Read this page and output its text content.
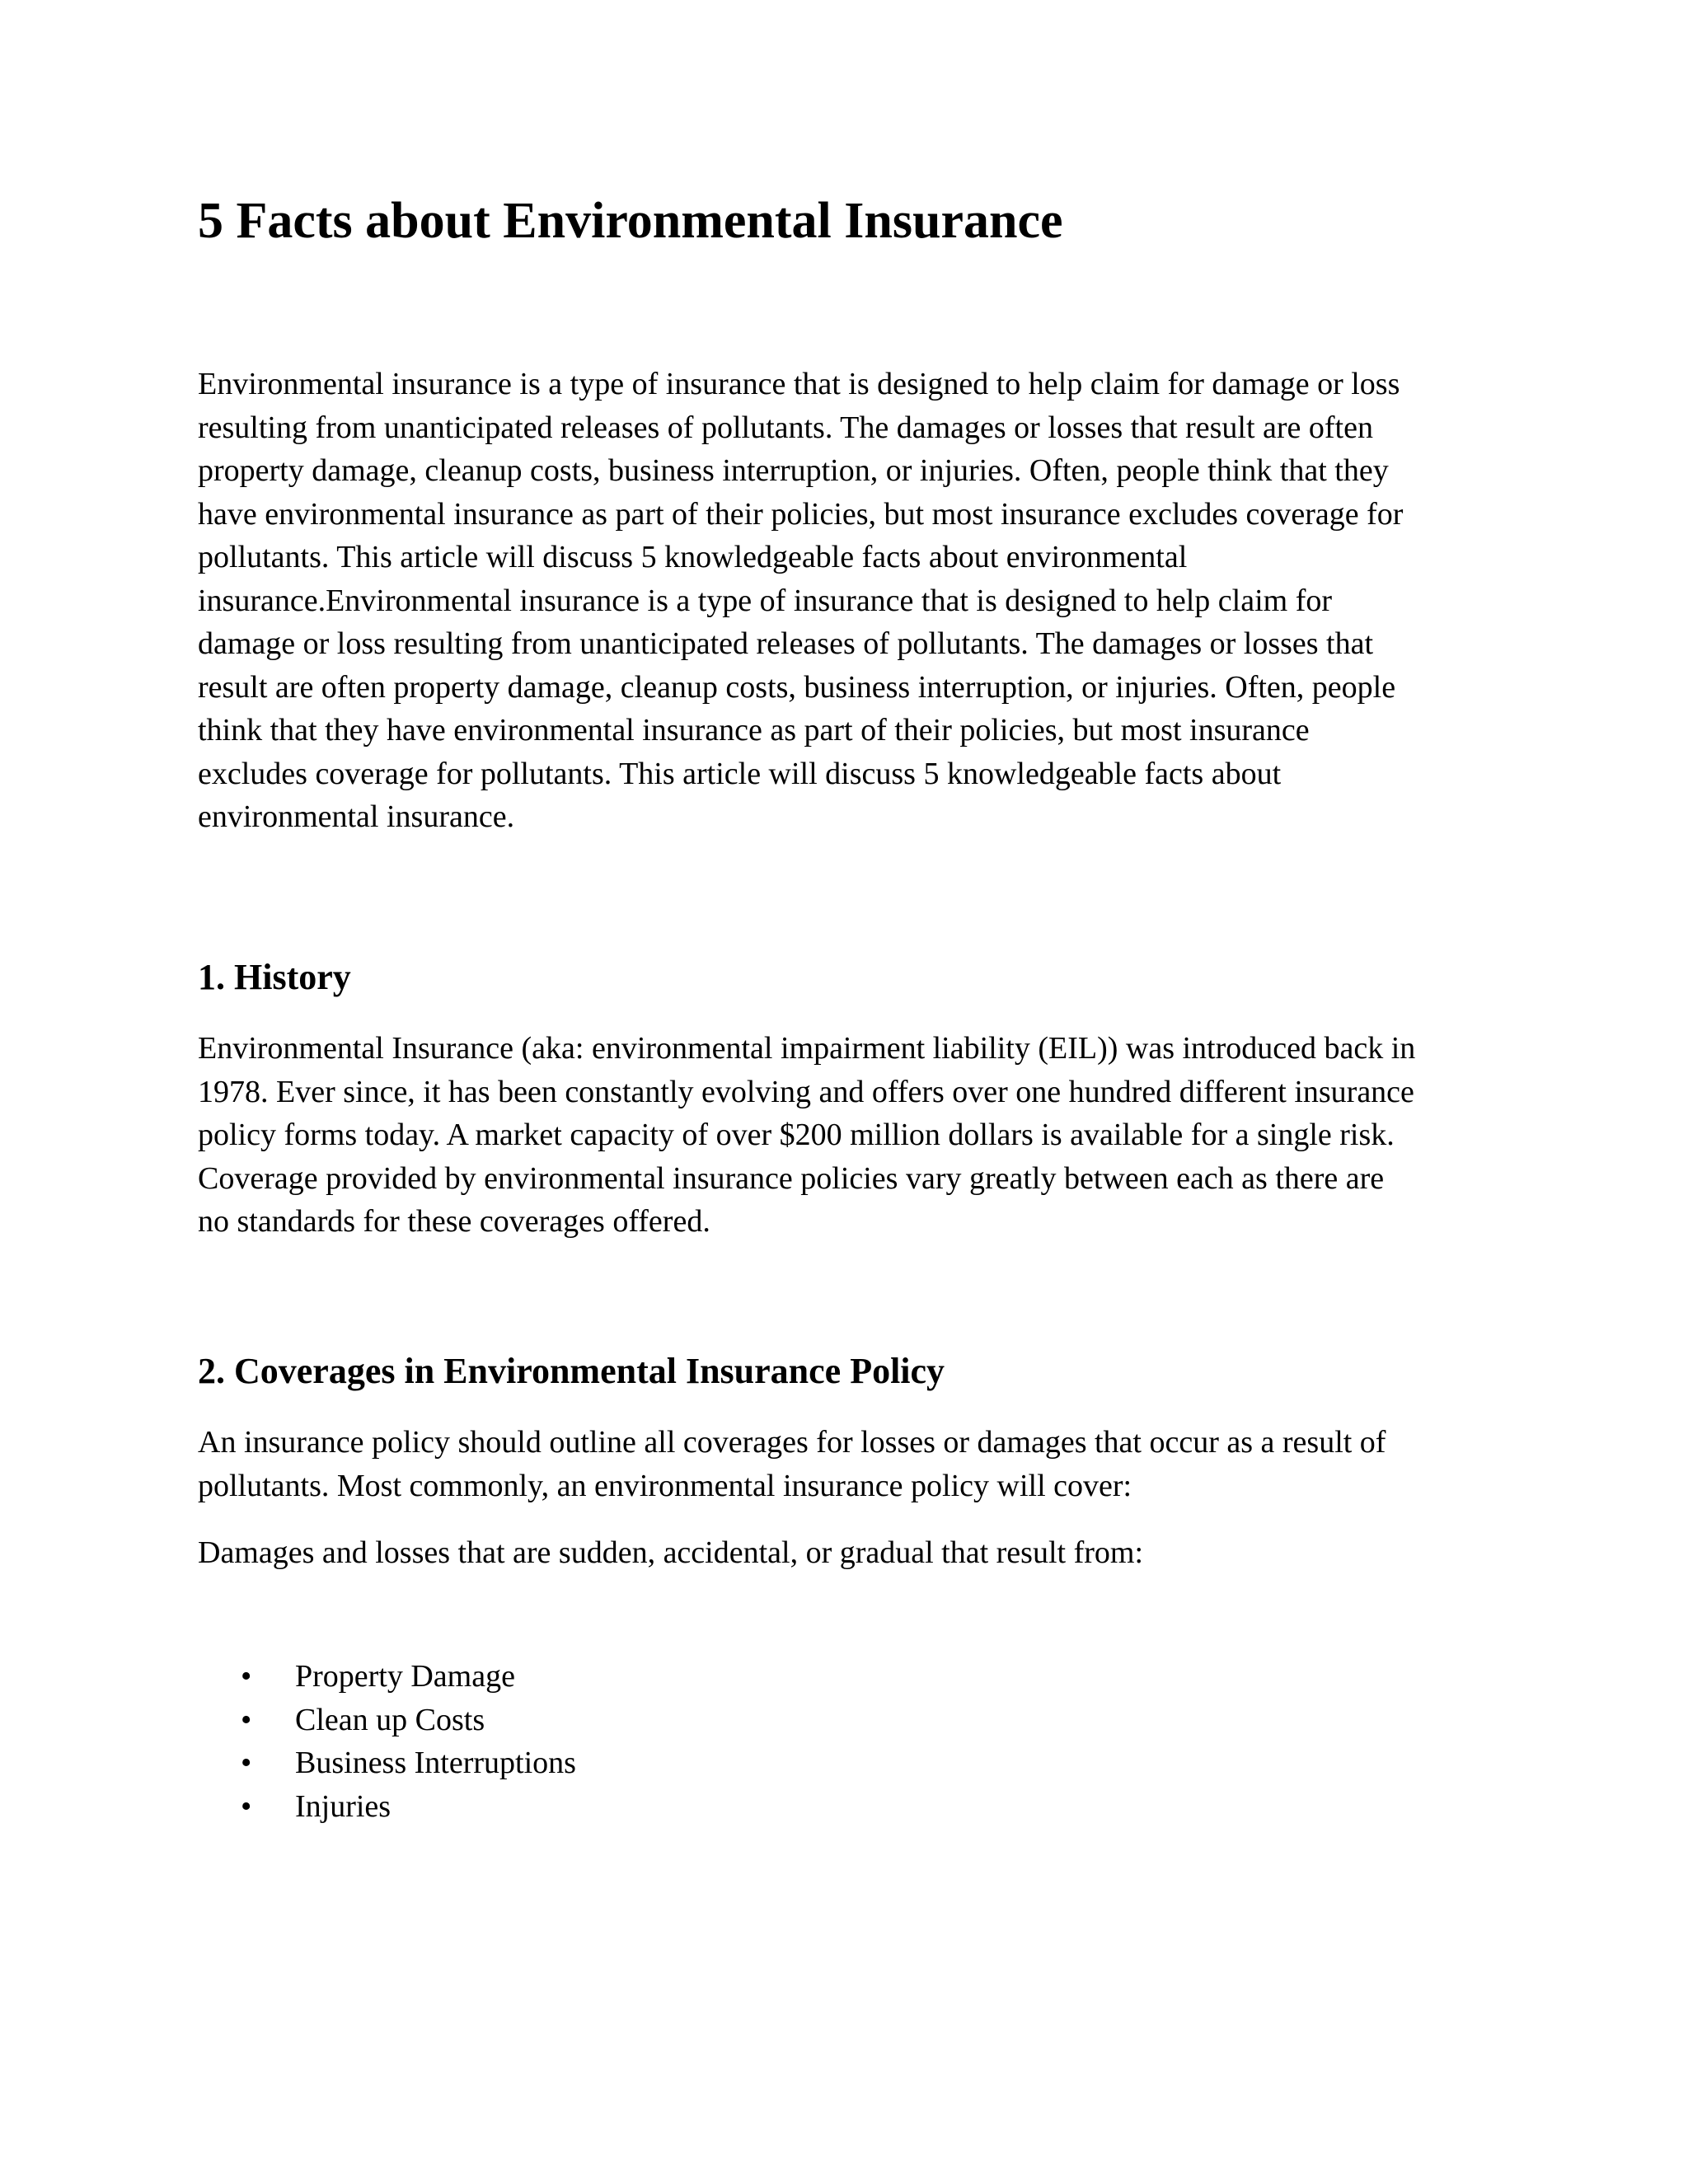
5 Facts about Environmental Insurance
Environmental insurance is a type of insurance that is designed to help claim for damage or loss
resulting from unanticipated releases of pollutants. The damages or losses that result are often
property damage, cleanup costs, business interruption, or injuries. Often, people think that they
have environmental insurance as part of their policies, but most insurance excludes coverage for
pollutants. This article will discuss 5 knowledgeable facts about environmental
insurance.Environmental insurance is a type of insurance that is designed to help claim for
damage or loss resulting from unanticipated releases of pollutants. The damages or losses that
result are often property damage, cleanup costs, business interruption, or injuries. Often, people
think that they have environmental insurance as part of their policies, but most insurance
excludes coverage for pollutants. This article will discuss 5 knowledgeable facts about
environmental insurance.
1. History
Environmental Insurance (aka: environmental impairment liability (EIL)) was introduced back in
1978. Ever since, it has been constantly evolving and offers over one hundred different insurance
policy forms today. A market capacity of over $200 million dollars is available for a single risk.
Coverage provided by environmental insurance policies vary greatly between each as there are
no standards for these coverages offered.
2. Coverages in Environmental Insurance Policy
An insurance policy should outline all coverages for losses or damages that occur as a result of
pollutants. Most commonly, an environmental insurance policy will cover:
Damages and losses that are sudden, accidental, or gradual that result from:
• Property Damage
• Clean up Costs
• Business Interruptions
• Injuries
